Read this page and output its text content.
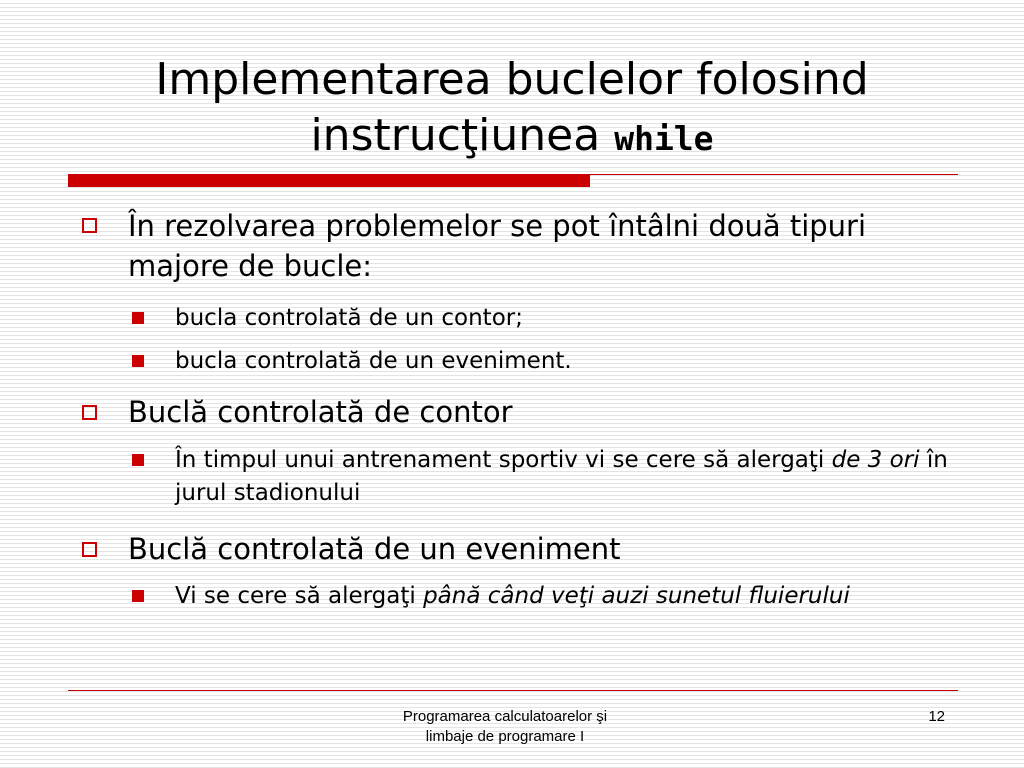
Implementarea buclelor folosind
instrucţiunea while
În rezolvarea problemelor se pot întâlni două tipuri majore de bucle:
bucla controlată de un contor;
bucla controlată de un eveniment.
Buclă controlată de contor
În timpul unui antrenament sportiv vi se cere să alergaţi de 3 ori în jurul stadionului
Buclă controlată de un eveniment
Vi se cere să alergaţi până când veţi auzi sunetul fluierului
Programarea calculatoarelor şi
limbaje de programare I
12
